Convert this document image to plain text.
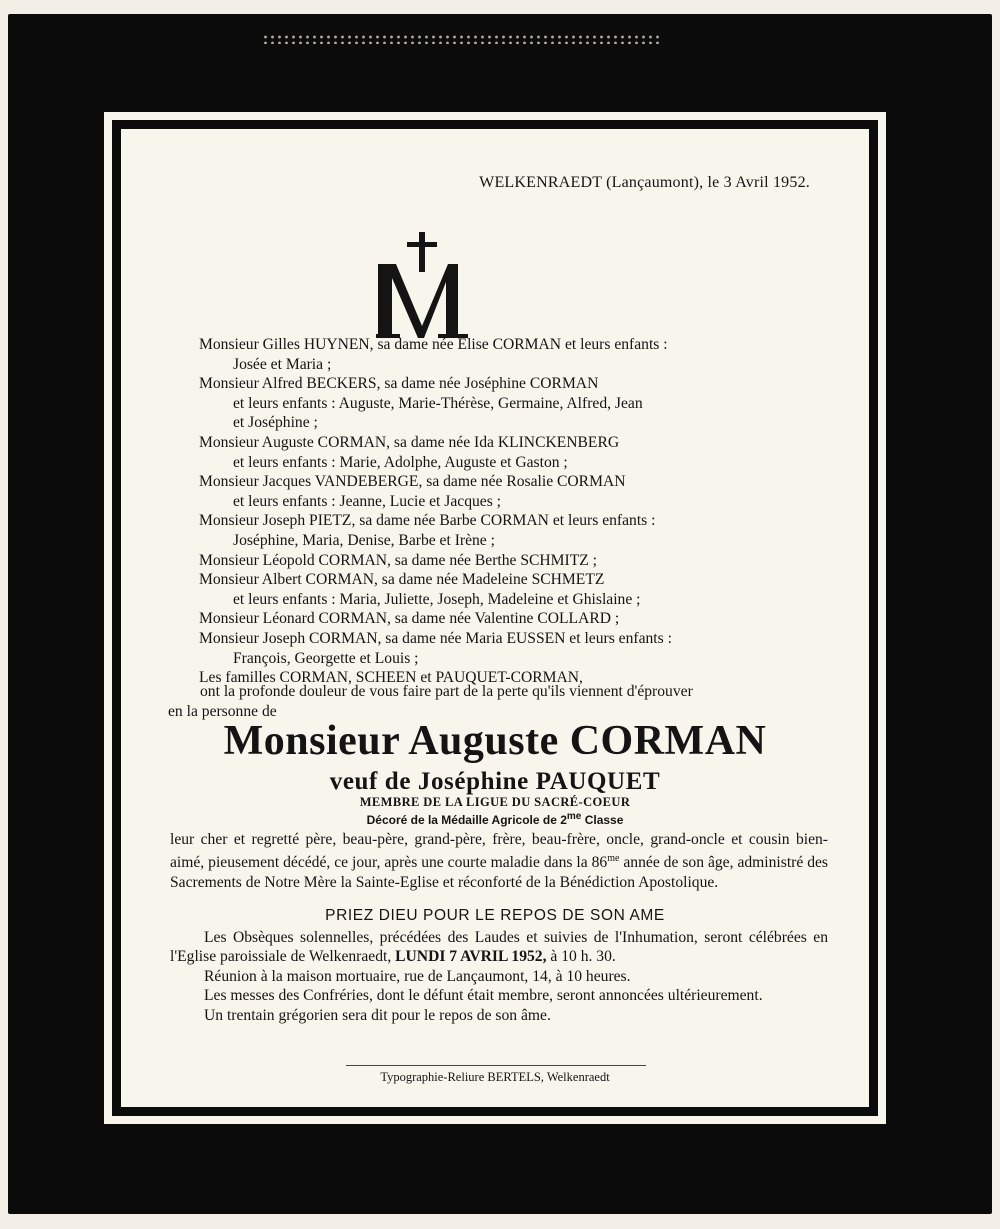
WELKENRAEDT (Lançaumont), le 3 Avril 1952.
Monsieur Gilles HUYNEN, sa dame née Elise CORMAN et leurs enfants :
Josée et Maria ;
Monsieur Alfred BECKERS, sa dame née Joséphine CORMAN
et leurs enfants : Auguste, Marie-Thérèse, Germaine, Alfred, Jean
et Joséphine ;
Monsieur Auguste CORMAN, sa dame née Ida KLINCKENBERG
et leurs enfants : Marie, Adolphe, Auguste et Gaston ;
Monsieur Jacques VANDEBERGE, sa dame née Rosalie CORMAN
et leurs enfants : Jeanne, Lucie et Jacques ;
Monsieur Joseph PIETZ, sa dame née Barbe CORMAN et leurs enfants :
Joséphine, Maria, Denise, Barbe et Irène ;
Monsieur Léopold CORMAN, sa dame née Berthe SCHMITZ ;
Monsieur Albert CORMAN, sa dame née Madeleine SCHMETZ
et leurs enfants : Maria, Juliette, Joseph, Madeleine et Ghislaine ;
Monsieur Léonard CORMAN, sa dame née Valentine COLLARD ;
Monsieur Joseph CORMAN, sa dame née Maria EUSSEN et leurs enfants :
François, Georgette et Louis ;
Les familles CORMAN, SCHEEN et PAUQUET-CORMAN,
ont la profonde douleur de vous faire part de la perte qu'ils viennent d'éprouver
en la personne de
Monsieur Auguste CORMAN
veuf de Joséphine PAUQUET
MEMBRE DE LA LIGUE DU SACRÉ-COEUR
Décoré de la Médaille Agricole de $2^{me}$ Classe
leur cher et regretté père, beau-père, grand-père, frère, beau-frère, oncle, grand-oncle et cousin bien-aimé, pieusement décédé, ce jour, après une courte maladie dans la $86^{me}$ année de son âge, administré des Sacrements de Notre Mère la Sainte-Eglise et réconforté de la Bénédiction Apostolique.
PRIEZ DIEU POUR LE REPOS DE SON AME
Les Obsèques solennelles, précédées des Laudes et suivies de l'Inhumation, seront célébrées en l'Eglise paroissiale de Welkenraedt, LUNDI 7 AVRIL 1952, à 10 h. 30.
Réunion à la maison mortuaire, rue de Lançaumont, 14, à 10 heures.
Les messes des Confréries, dont le défunt était membre, seront annoncées ultérieurement.
Un trentain grégorien sera dit pour le repos de son âme.
Typographie-Reliure BERTELS, Welkenraedt
